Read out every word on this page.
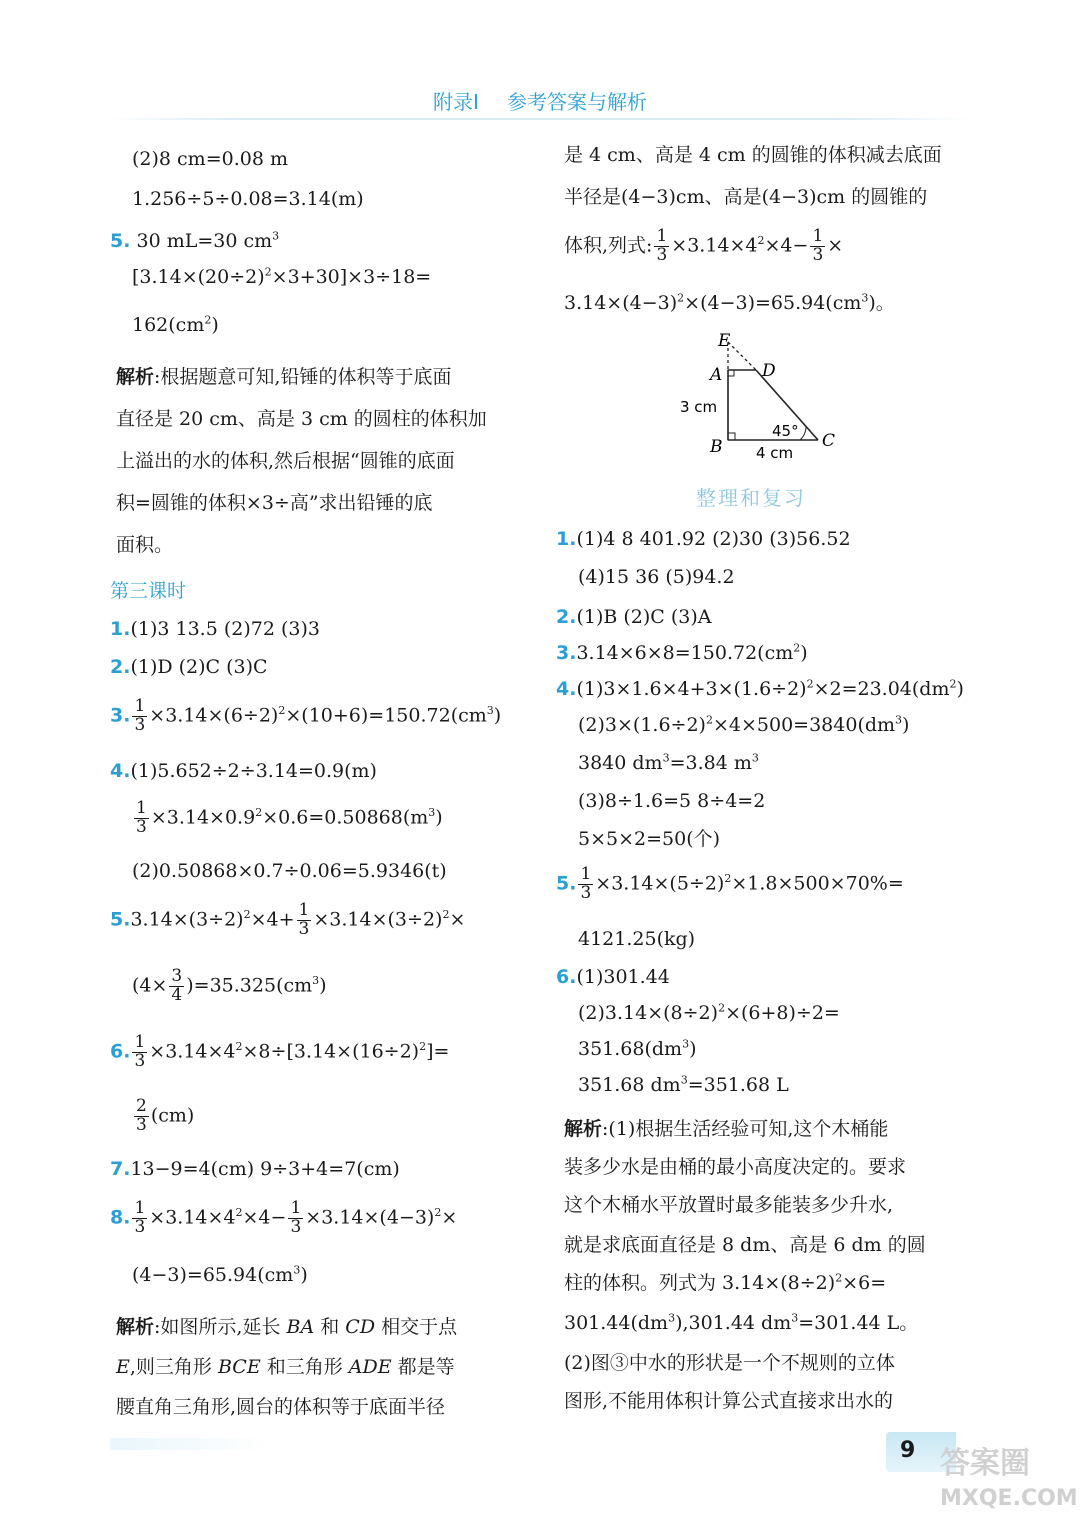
附录Ⅰ 参考答案与解析
(2)8 cm=0.08 m
1.256÷5÷0.08=3.14(m)
5. 30 mL=30 $cm^3$
$[3.14\times(20\div 2)^2\times 3+30]\times 3\div 18=$
$162(cm^2)$
解析:根据题意可知,铅锤的体积等于底面
直径是 20 cm、高是 3 cm 的圆柱的体积加
上溢出的水的体积,然后根据“圆锥的底面
积=圆锥的体积×3÷高”求出铅锤的底
面积。
第三课时
1.(1)3 13.5 (2)72 (3)3
2.(1)D (2)C (3)C
3. $\frac{1}{3} \times 3.14\times(6\div 2)^2\times(10+6)=150.72(cm^3)$
4.(1)5.652÷2÷3.14=0.9(m)
$\frac{1}{3} \times 3.14\times 0.9^2\times 0.6=0.50868(m^3)$
(2)0.50868×0.7÷0.06=5.9346(t)
$5.3.14\times(3\div 2)^2\times 4+ \frac{1}{3} \times 3.14\times(3\div 2)^2\times$
$(4\times \frac{3}{4} )=35.325(cm^3)$
6. $\frac{1}{3} \times 3.14\times 4^2\times 8\div[3.14\times(16\div 2)^2]=$
$\frac{2}{3} (cm)$
7.13−9=4(cm) 9÷3+4=7(cm)
8. $\frac{1}{3} \times 3.14\times 4^2\times 4- \frac{1}{3} \times 3.14\times(4-3)^2\times$
$(4-3)=65.94(cm^3)$
解析:如图所示,延长 BA 和 CD 相交于点
E,则三角形 BCE 和三角形 ADE 都是等
腰直角三角形,圆台的体积等于底面半径
是 4 cm、高是 4 cm 的圆锥的体积减去底面
半径是(4−3)cm、高是(4−3)cm 的圆锥的
体积,列式: $\frac{1}{3} \times 3.14\times 4^2\times 4- \frac{1}{3}$ ×
$3.14\times(4-3)^2\times(4-3)=65.94(cm^3)$。
E
A D
B	C
3 cm
4 cm
45°
整理和复习
1.(1)4 8 401.92 (2)30 (3)56.52
(4)15 36 (5)94.2
2.(1)B (2)C (3)A
$3.3.14\times 6\times 8=150.72(cm^2)$
$4.(1)3\times 1.6\times 4+3\times(1.6\div 2)^2\times 2=23.04(dm^2)$
$(2)3\times(1.6\div 2)^2\times 4\times 500=3840(dm^3)$
3840 $dm^3=3.84$ $m^3$
(3)8÷1.6=5 8÷4=2
5×5×2=50(个)
5. $\frac{1}{3} \times 3.14\times(5\div 2)^2\times 1.8\times 500\times 70\%=$
4121.25(kg)
6.(1)301.44
$(2)3.14\times(8\div 2)^2\times(6+8)\div 2=$
$351.68(dm^3)$
351.68 $dm^3=351.68$ L
解析:(1)根据生活经验可知,这个木桶能
装多少水是由桶的最小高度决定的。要求
这个木桶水平放置时最多能装多少升水,
就是求底面直径是 8 dm、高是 6 dm 的圆
柱的体积。列式为 $3.14\times(8\div 2)^2\times 6=$
$301.44(dm^3),301.44$ $dm^3=301.44$ L。
(2)图③中水的形状是一个不规则的立体
图形,不能用体积计算公式直接求出水的
9 答案圈
MXQE.COM
